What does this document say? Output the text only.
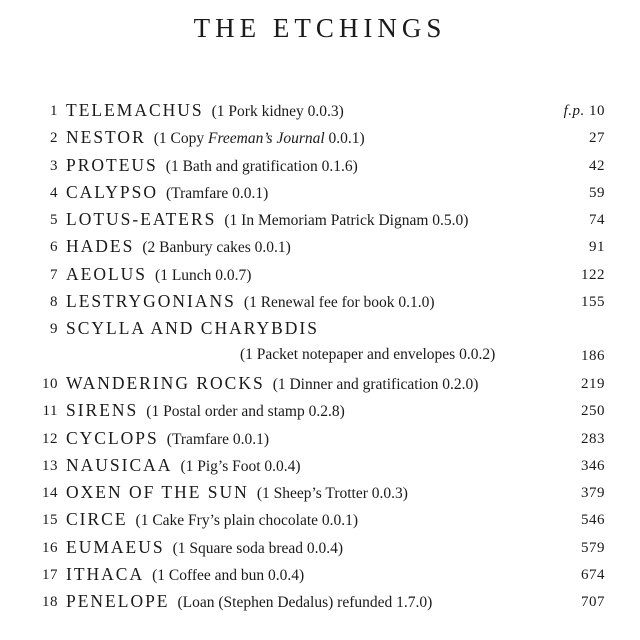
THE ETCHINGS
1 TELEMACHUS (1 Pork kidney 0.0.3)	f.p. 10
2 NESTOR (1 Copy Freeman’s Journal 0.0.1)	27
3 PROTEUS (1 Bath and gratification 0.1.6)	42
4 CALYPSO (Tramfare 0.0.1)	59
5 LOTUS-EATERS (1 In Memoriam Patrick Dignam 0.5.0)	74
6 HADES (2 Banbury cakes 0.0.1)	91
7 AEOLUS (1 Lunch 0.0.7)	122
8 LESTRYGONIANS (1 Renewal fee for book 0.1.0)	155
9 SCYLLA AND CHARYBDIS
(1 Packet notepaper and envelopes 0.0.2)	186
10 WANDERING ROCKS (1 Dinner and gratification 0.2.0)	219
11 SIRENS (1 Postal order and stamp 0.2.8)	250
12 CYCLOPS (Tramfare 0.0.1)	283
13 NAUSICAA (1 Pig’s Foot 0.0.4)	346
14 OXEN OF THE SUN (1 Sheep’s Trotter 0.0.3)	379
15 CIRCE (1 Cake Fry’s plain chocolate 0.0.1)	546
16 EUMAEUS (1 Square soda bread 0.0.4)	579
17 ITHACA (1 Coffee and bun 0.0.4)	674
18 PENELOPE (Loan (Stephen Dedalus) refunded 1.7.0)	707
